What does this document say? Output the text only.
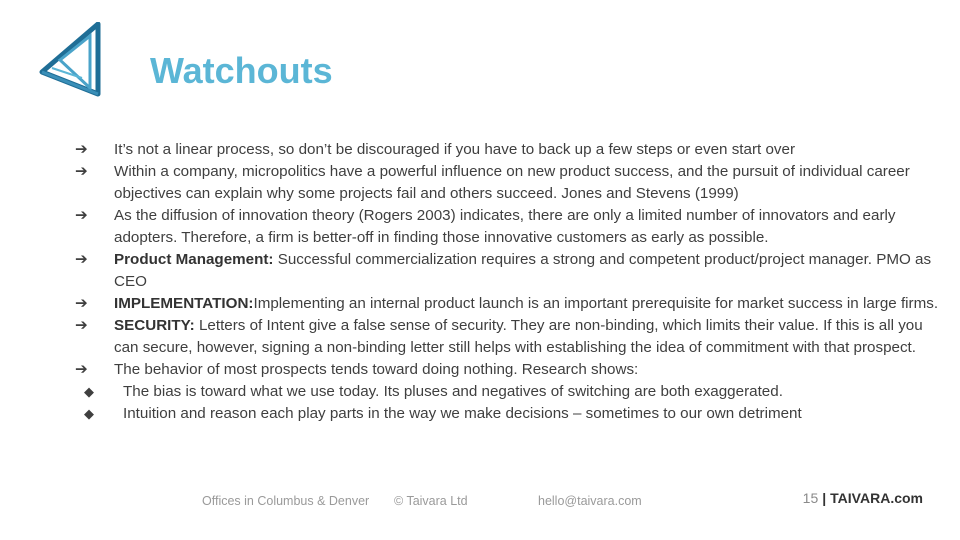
Watchouts
➔	It’s not a linear process, so don’t be discouraged if you have to back up a few steps or even start over
➔	Within a company, micropolitics have a powerful influence on new product success, and the pursuit of individual career objectives can explain why some projects fail and others succeed. Jones and Stevens (1999)
➔	As the diffusion of innovation theory (Rogers 2003) indicates, there are only a limited number of innovators and early adopters. Therefore, a firm is better-off in finding those innovative customers as early as possible.
➔	Product Management: Successful commercialization requires a strong and competent product/project manager. PMO as CEO
➔	IMPLEMENTATION:Implementing an internal product launch is an important prerequisite for market success in large firms.
➔	SECURITY: Letters of Intent give a false sense of security. They are non-binding, which limits their value. If this is all you can secure, however, signing a non-binding letter still helps with establishing the idea of commitment with that prospect.
➔	The behavior of most prospects tends toward doing nothing. Research shows:
◆ The bias is toward what we use today. Its pluses and negatives of switching are both exaggerated.
◆ Intuition and reason each play parts in the way we make decisions – sometimes to our own detriment
Offices in Columbus & Denver © Taivara Ltd	hello@taivara.com	15 | TAIVARA.com
